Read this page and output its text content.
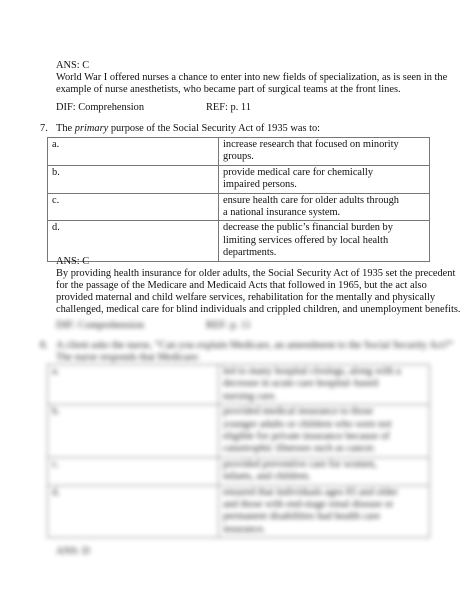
ANS: C
World War I offered nurses a chance to enter into new fields of specialization, as is seen in the
example of nurse anesthetists, who became part of surgical teams at the front lines.
DIF: Comprehension	REF: p. 11
7. The primary purpose of the Social Security Act of 1935 was to:
a.	increase research that focused on minority
groups.

b.	provide medical care for chemically
impaired persons.

c.	ensure health care for older adults through
a national insurance system.

d.	decrease the public’s financial burden by
limiting services offered by local health
departments.
ANS: C
By providing health insurance for older adults, the Social Security Act of 1935 set the precedent
for the passage of the Medicare and Medicaid Acts that followed in 1965, but the act also
provided maternal and child welfare services, rehabilitation for the mentally and physically
challenged, medical care for blind individuals and crippled children, and unemployment benefits.
DIF: Comprehension	REF: p. 11
8. A client asks the nurse, “Can you explain Medicare, an amendment to the Social Security Act?”
The nurse responds that Medicare:
a.	led to many hospital closings, along with a
decrease in acute care hospital–based
nursing care.

b.	provided medical insurance to those
younger adults or children who were not
eligible for private insurance because of
catastrophic illnesses such as cancer.

c.	provided preventive care for women,
infants, and children.

d.	ensured that individuals ages 65 and older
and those with end-stage renal disease or
permanent disabilities had health care
insurance.
ANS: D
